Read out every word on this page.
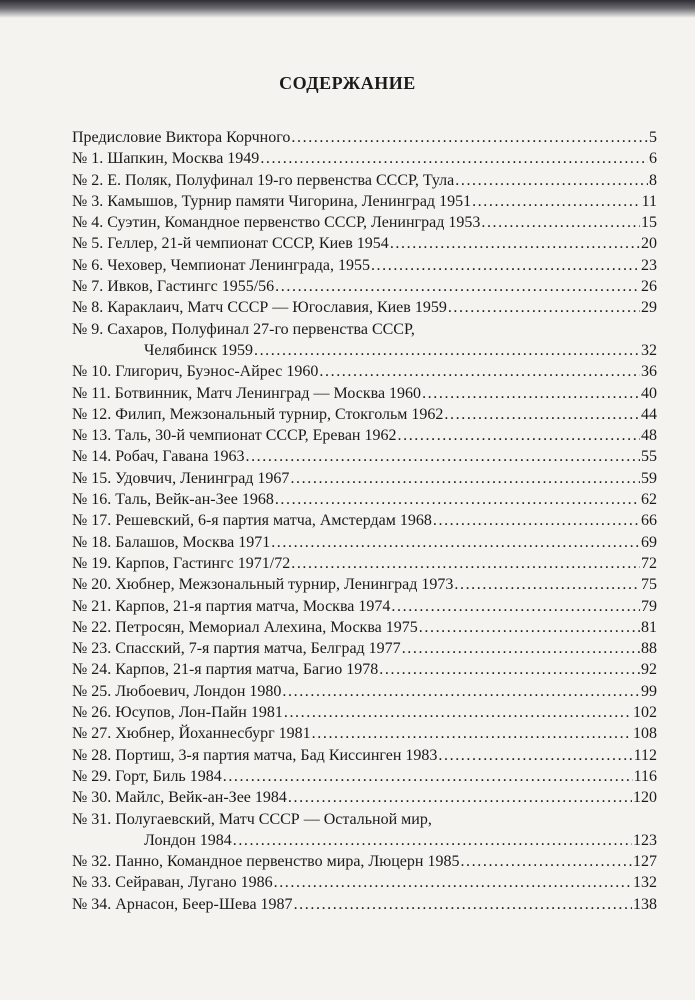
СОДЕРЖАНИЕ
Предисловие Виктора Корчного . . .	5
№ 1. Шапкин, Москва 1949 . . .	6
№ 2. Е. Поляк, Полуфинал 19-го первенства СССР, Тула . . .	8
№ 3. Камышов, Турнир памяти Чигорина, Ленинград 1951 . . .	11
№ 4. Суэтин, Командное первенство СССР, Ленинград 1953 . . .	15
№ 5. Геллер, 21-й чемпионат СССР, Киев 1954 . . .	20
№ 6. Чеховер, Чемпионат Ленинграда, 1955 . . .	23
№ 7. Ивков, Гастингс 1955/56 . . .	26
№ 8. Караклаич, Матч СССР — Югославия, Киев 1959 . . .	29
№ 9. Сахаров, Полуфинал 27-го первенства СССР,
Челябинск 1959 . . .	32
№ 10. Глигорич, Буэнос-Айрес 1960 . . .	36
№ 11. Ботвинник, Матч Ленинград — Москва 1960 . . .	40
№ 12. Филип, Межзональный турнир, Стокгольм 1962 . . .	44
№ 13. Таль, 30-й чемпионат СССР, Ереван 1962 . . .	48
№ 14. Робач, Гавана 1963 . . .	55
№ 15. Удовчич, Ленинград 1967 . . .	59
№ 16. Таль, Вейк-ан-Зее 1968 . . .	62
№ 17. Решевский, 6-я партия матча, Амстердам 1968 . . .	66
№ 18. Балашов, Москва 1971 . . .	69
№ 19. Карпов, Гастингс 1971/72 . . .	72
№ 20. Хюбнер, Межзональный турнир, Ленинград 1973 . . .	75
№ 21. Карпов, 21-я партия матча, Москва 1974 . . .	79
№ 22. Петросян, Мемориал Алехина, Москва 1975 . . .	81
№ 23. Спасский, 7-я партия матча, Белград 1977 . . .	88
№ 24. Карпов, 21-я партия матча, Багио 1978 . . .	92
№ 25. Любоевич, Лондон 1980 . . .	99
№ 26. Юсупов, Лон-Пайн 1981 . . .	102
№ 27. Хюбнер, Йоханнесбург 1981 . . .	108
№ 28. Портиш, 3-я партия матча, Бад Киссинген 1983 . . .	112
№ 29. Горт, Биль 1984 . . .	116
№ 30. Майлс, Вейк-ан-Зее 1984 . . .	120
№ 31. Полугаевский, Матч СССР — Остальной мир,
Лондон 1984 . . .	123
№ 32. Панно, Командное первенство мира, Люцерн 1985 . . .	127
№ 33. Сейраван, Лугано 1986 . . .	132
№ 34. Арнасон, Беер-Шева 1987 . . .	138
